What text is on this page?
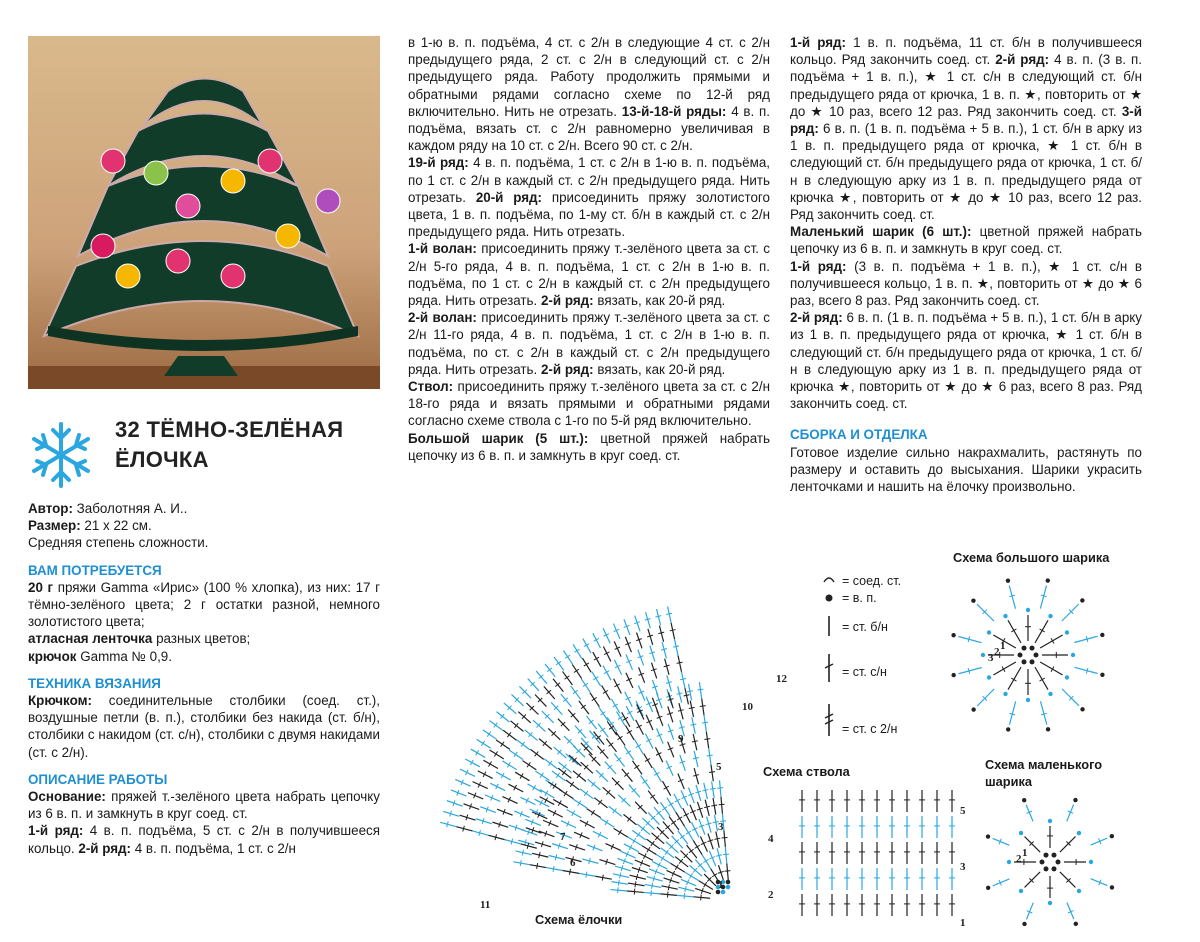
32 ТЁМНО-ЗЕЛЁНАЯ ЁЛОЧКА

Автор: Заболотняя А. И..

Размер: 21 x 22 см.

Средняя степень сложности.

ВАМ ПОТРЕБУЕТСЯ

20 г пряжи Gamma «Ирис» (100 % хлопка), из них: 17 г тёмно-зелёного цвета; 2 г остатки разной, немного золотистого цвета;

атласная ленточка разных цветов;

крючок Gamma № 0,9.

ТЕХНИКА ВЯЗАНИЯ

Крючком: соединительные столбики (соед. ст.), воздушные петли (в. п.), столбики без накида (ст. б/н), столбики с накидом (ст. с/н), столбики с двумя накидами (ст. с 2/н).

ОПИСАНИЕ РАБОТЫ

Основание: пряжей т.-зелёного цвета набрать цепочку из 6 в. п. и замкнуть в круг соед. ст.

1-й ряд: 4 в. п. подъёма, 5 ст. с 2/н в получившееся кольцо. 2-й ряд: 4 в. п. подъёма, 1 ст. с 2/н

в 1-ю в. п. подъёма, 4 ст. с 2/н в следующие 4 ст. с 2/н предыдущего ряда, 2 ст. с 2/н в следующий ст. с 2/н предыдущего ряда. Работу продолжить прямыми и обратными рядами согласно схеме по 12-й ряд включительно. Нить не отрезать. 13-й-18-й ряды: 4 в. п. подъёма, вязать ст. с 2/н равномерно увеличивая в каждом ряду на 10 ст. с 2/н. Всего 90 ст. с 2/н.

19-й ряд: 4 в. п. подъёма, 1 ст. с 2/н в 1-ю в. п. подъёма, по 1 ст. с 2/н в каждый ст. с 2/н предыдущего ряда. Нить отрезать. 20-й ряд: присоединить пряжу золотистого цвета, 1 в. п. подъёма, по 1-му ст. б/н в каждый ст. с 2/н предыдущего ряда. Нить отрезать.

1-й волан: присоединить пряжу т.-зелёного цвета за ст. с 2/н 5-го ряда, 4 в. п. подъёма, 1 ст. с 2/н в 1-ю в. п. подъёма, по 1 ст. с 2/н в каждый ст. с 2/н предыдущего ряда. Нить отрезать. 2-й ряд: вязать, как 20-й ряд.

2-й волан: присоединить пряжу т.-зелёного цвета за ст. с 2/н 11-го ряда, 4 в. п. подъёма, 1 ст. с 2/н в 1-ю в. п. подъёма, по ст. с 2/н в каждый ст. с 2/н предыдущего ряда. Нить отрезать. 2-й ряд: вязать, как 20-й ряд.

Ствол: присоединить пряжу т.-зелёного цвета за ст. с 2/н 18-го ряда и вязать прямыми и обратными рядами согласно схеме ствола с 1-го по 5-й ряд включительно.

Большой шарик (5 шт.): цветной пряжей набрать цепочку из 6 в. п. и замкнуть в круг соед. ст.

1-й ряд: 1 в. п. подъёма, 11 ст. б/н в получившееся кольцо. Ряд закончить соед. ст. 2-й ряд: 4 в. п. (3 в. п. подъёма + 1 в. п.), ★ 1 ст. с/н в следующий ст. б/н предыдущего ряда от крючка, 1 в. п. ★, повторить от ★ до ★ 10 раз, всего 12 раз. Ряд закончить соед. ст. 3-й ряд: 6 в. п. (1 в. п. подъёма + 5 в. п.), 1 ст. б/н в арку из 1 в. п. предыдущего ряда от крючка, ★ 1 ст. б/н в следующий ст. б/н предыдущего ряда от крючка, 1 ст. б/н в следующую арку из 1 в. п. предыдущего ряда от крючка ★, повторить от ★ до ★ 10 раз, всего 12 раз. Ряд закончить соед. ст.

Маленький шарик (6 шт.): цветной пряжей набрать цепочку из 6 в. п. и замкнуть в круг соед. ст.

1-й ряд: (3 в. п. подъёма + 1 в. п.), ★ 1 ст. с/н в получившееся кольцо, 1 в. п. ★, повторить от ★ до ★ 6 раз, всего 8 раз. Ряд закончить соед. ст.

2-й ряд: 6 в. п. (1 в. п. подъёма + 5 в. п.), 1 ст. б/н в арку из 1 в. п. предыдущего ряда от крючка, ★ 1 ст. б/н в следующий ст. б/н предыдущего ряда от крючка, 1 ст. б/н в следующую арку из 1 в. п. предыдущего ряда от крючка ★, повторить от ★ до ★ 6 раз, всего 8 раз. Ряд закончить соед. ст.

СБОРКА И ОТДЕЛКА

Готовое изделие сильно накрахмалить, растянуть по размеру и оставить до высыхания. Шарики украсить ленточками и нашить на ёлочку произвольно.

= соед. ст.
= в. п.
= ст. б/н
= ст. с/н
= ст. с 2/н
1
3
5
6
7
9
10
11
12
Схема ёлочки
Схема ствола
1
2
3
4
5
Схема большого шарика
1
2
3
Схема маленького шарика
1
2
